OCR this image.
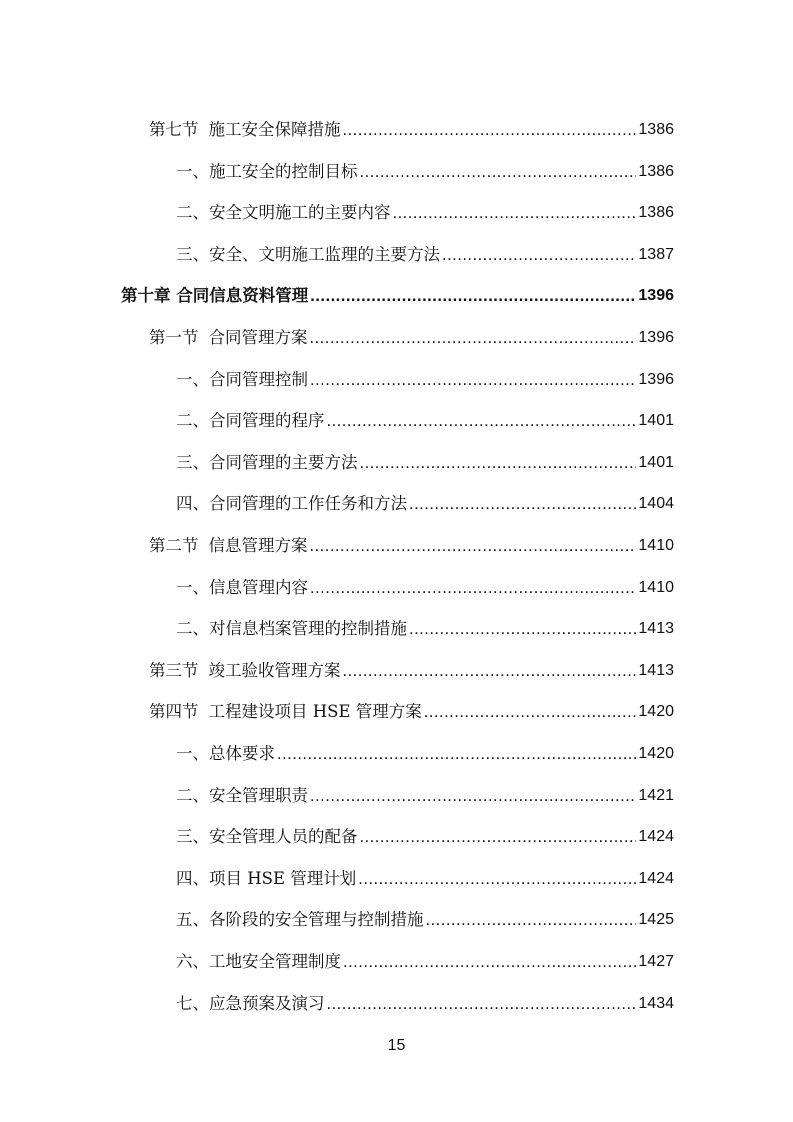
第七节 施工安全保障措施 .....	1386
一、施工安全的控制目标 .....	1386
二、安全文明施工的主要内容 .....	1386
三、安全、文明施工监理的主要方法 .....	1387
第十章 合同信息资料管理 .....	1396
第一节 合同管理方案 .....	1396
一、合同管理控制 .....	1396
二、合同管理的程序 .....	1401
三、合同管理的主要方法 .....	1401
四、合同管理的工作任务和方法 .....	1404
第二节 信息管理方案 .....	1410
一、信息管理内容 .....	1410
二、对信息档案管理的控制措施 .....	1413
第三节 竣工验收管理方案 .....	1413
第四节 工程建设项目 HSE 管理方案 .....	1420
一、总体要求 .....	1420
二、安全管理职责 .....	1421
三、安全管理人员的配备 .....	1424
四、项目 HSE 管理计划 .....	1424
五、各阶段的安全管理与控制措施 .....	1425
六、工地安全管理制度 .....	1427
七、应急预案及演习 .....	1434
15
